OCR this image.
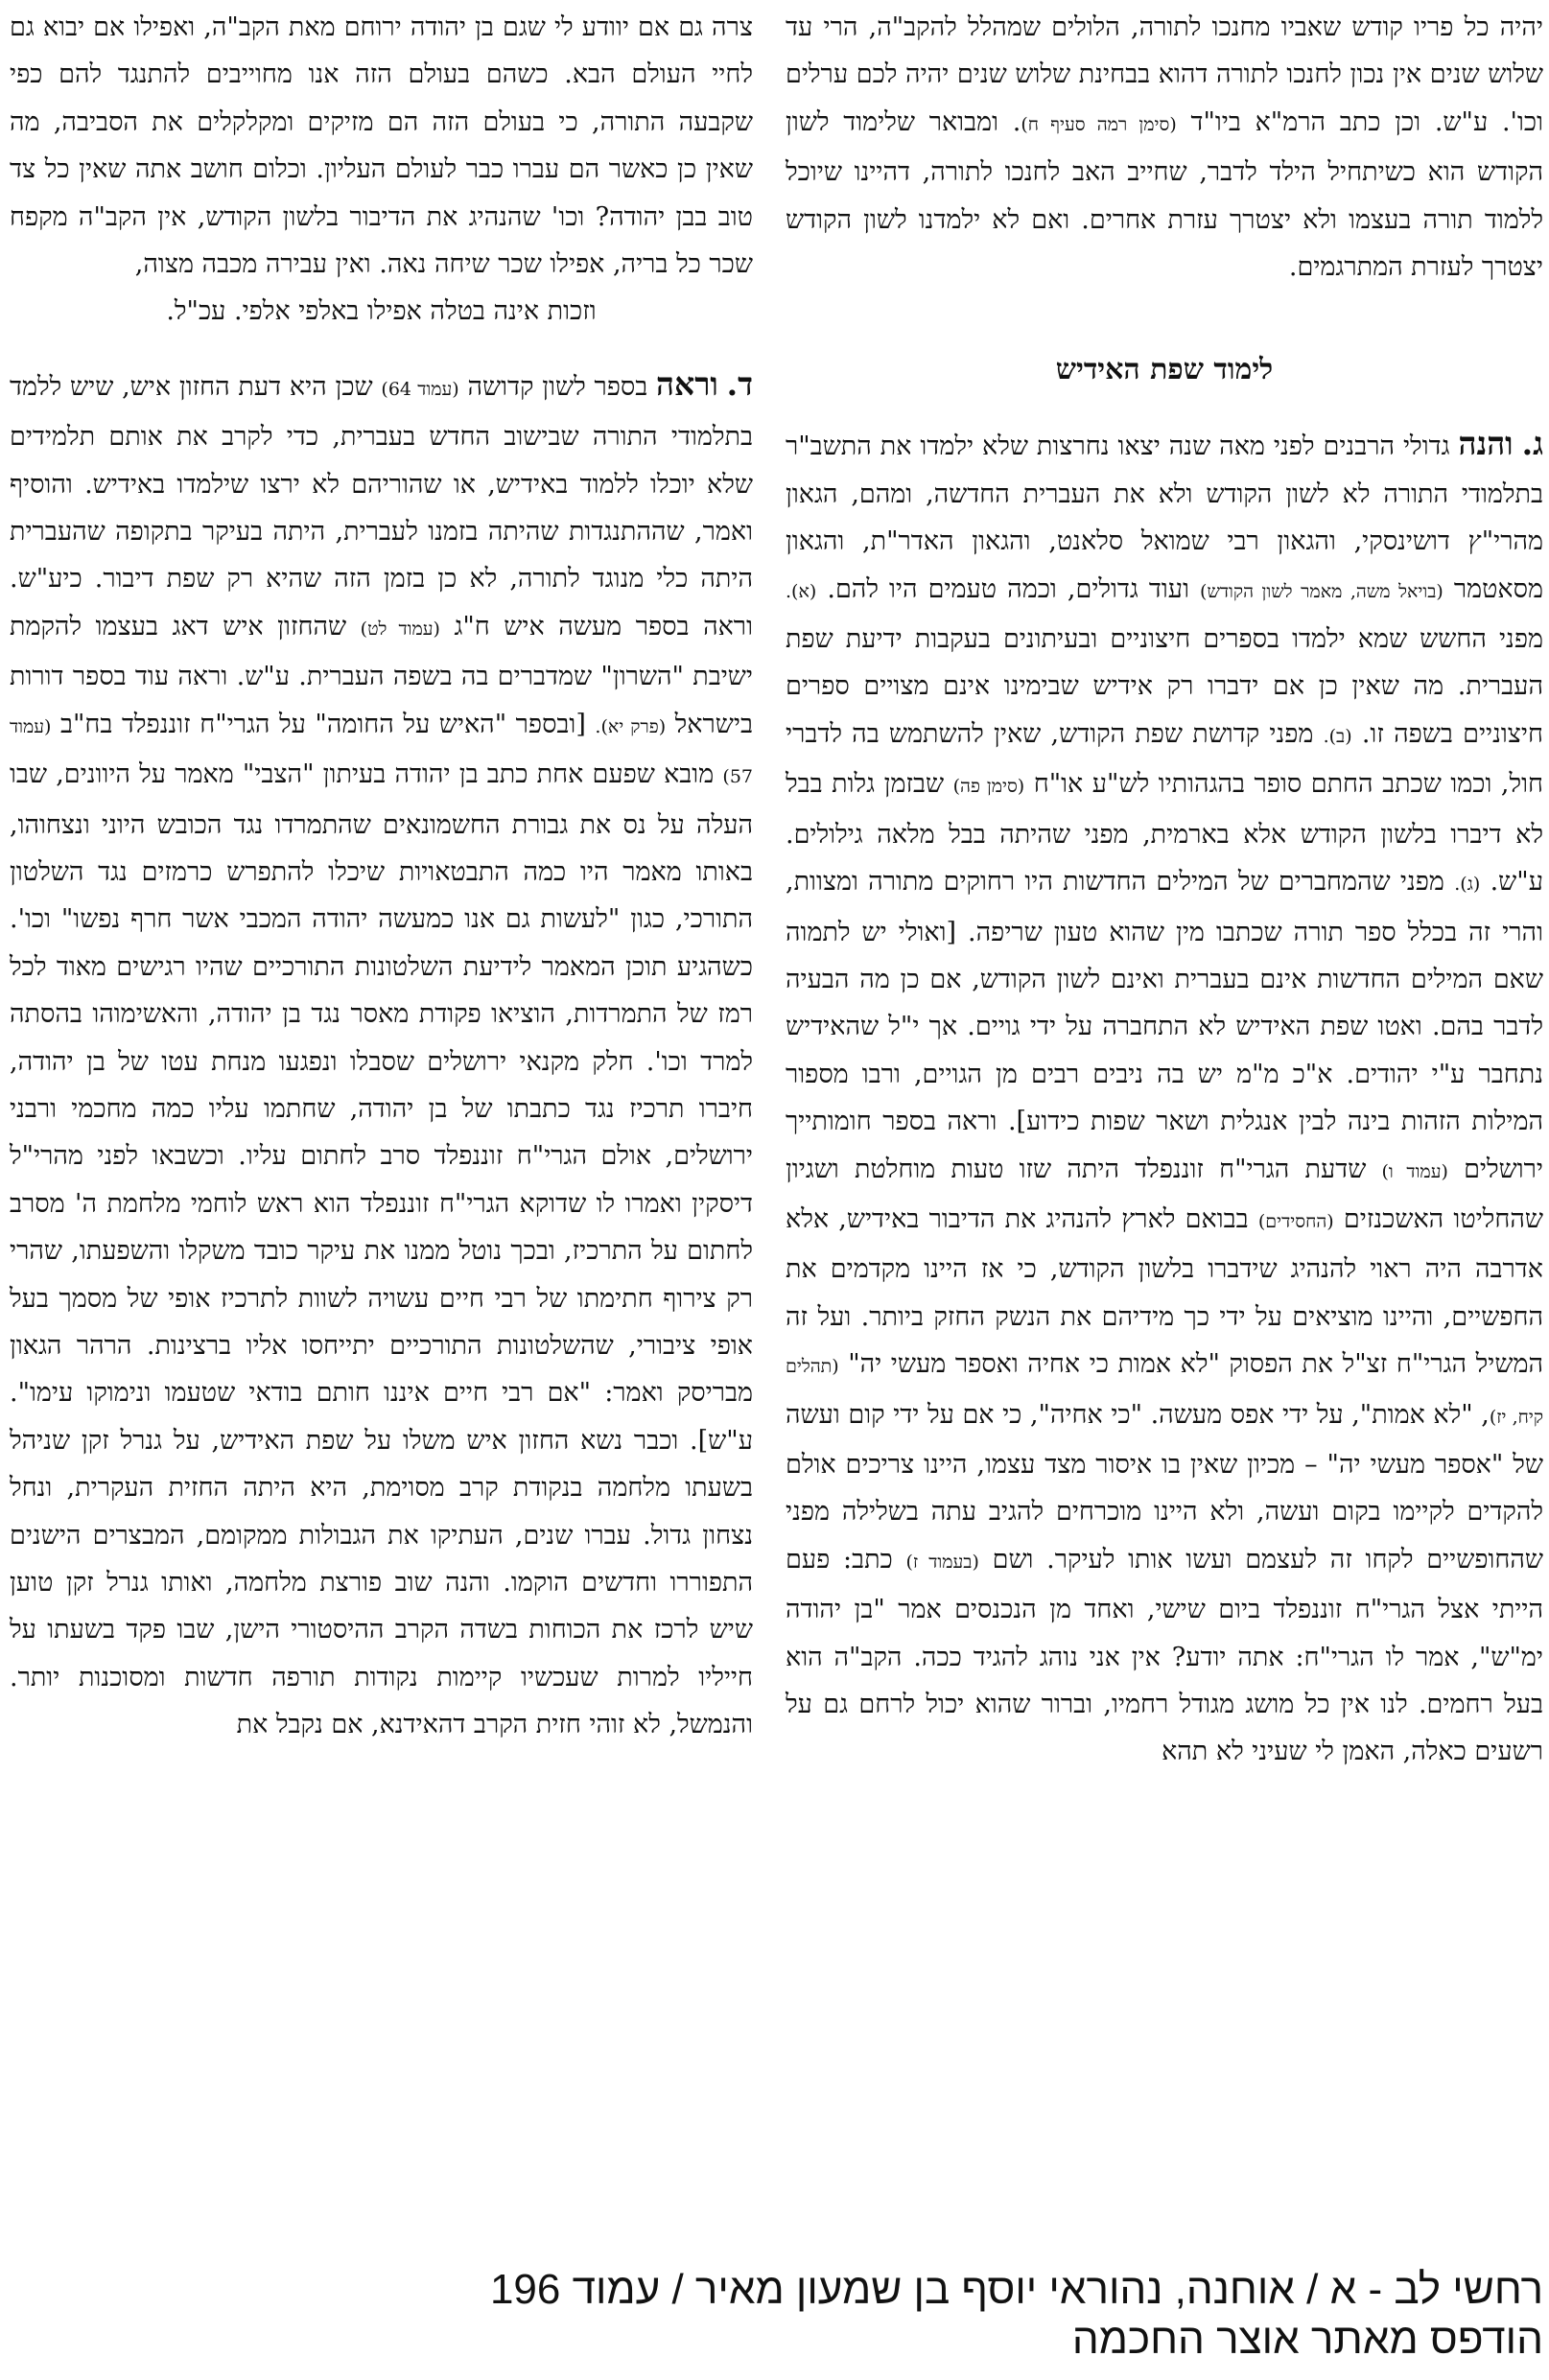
יהיה כל פריו קודש שאביו מחנכו לתורה, הלולים שמהלל להקב"ה, הרי עד שלוש שנים אין נכון לחנכו לתורה דהוא בבחינת שלוש שנים יהיה לכם ערלים וכו'. ע"ש. וכן כתב הרמ"א ביו"ד (סימן רמה סעיף ח). ומבואר שלימוד לשון הקודש הוא כשיתחיל הילד לדבר, שחייב האב לחנכו לתורה, דהיינו שיוכל ללמוד תורה בעצמו ולא יצטרך עזרת אחרים. ואם לא ילמדנו לשון הקודש יצטרך לעזרת המתרגמים.

לימוד שפת האידיש

ג. והנה גדולי הרבנים לפני מאה שנה יצאו נחרצות שלא ילמדו את התשב"ר בתלמודי התורה לא לשון הקודש ולא את העברית החדשה, ומהם, הגאון מהרי"ץ דושינסקי, והגאון רבי שמואל סלאנט, והגאון האדר"ת, והגאון מסאטמר (בויאל משה, מאמר לשון הקודש) ועוד גדולים, וכמה טעמים היו להם. (א). מפני החשש שמא ילמדו בספרים חיצוניים ובעיתונים בעקבות ידיעת שפת העברית. מה שאין כן אם ידברו רק אידיש שבימינו אינם מצויים ספרים חיצוניים בשפה זו. (ב). מפני קדושת שפת הקודש, שאין להשתמש בה לדברי חול, וכמו שכתב החתם סופר בהגהותיו לש"ע או"ח (סימן פה) שבזמן גלות בבל לא דיברו בלשון הקודש אלא בארמית, מפני שהיתה בבל מלאה גילולים. ע"ש. (ג). מפני שהמחברים של המילים החדשות היו רחוקים מתורה ומצוות, והרי זה בכלל ספר תורה שכתבו מין שהוא טעון שריפה. [ואולי יש לתמוה שאם המילים החדשות אינם בעברית ואינם לשון הקודש, אם כן מה הבעיה לדבר בהם. ואטו שפת האידיש לא התחברה על ידי גויים. אך י"ל שהאידיש נתחבר ע"י יהודים. א"כ מ"מ יש בה ניבים רבים מן הגויים, ורבו מספור המילות הזהות בינה לבין אנגלית ושאר שפות כידוע]. וראה בספר חומותייך ירושלים (עמוד ו) שדעת הגרי"ח זוננפלד היתה שזו טעות מוחלטת ושגיון שהחליטו האשכנזים (החסידים) בבואם לארץ להנהיג את הדיבור באידיש, אלא אדרבה היה ראוי להנהיג שידברו בלשון הקודש, כי אז היינו מקדמים את החפשיים, והיינו מוציאים על ידי כך מידיהם את הנשק החזק ביותר. ועל זה המשיל הגרי"ח זצ"ל את הפסוק "לא אמות כי אחיה ואספר מעשי יה" (תהלים קיח, יז), "לא אמות", על ידי אפס מעשה. "כי אחיה", כי אם על ידי קום ועשה של "אספר מעשי יה" – מכיון שאין בו איסור מצד עצמו, היינו צריכים אולם להקדים לקיימו בקום ועשה, ולא היינו מוכרחים להגיב עתה בשלילה מפני שהחופשיים לקחו זה לעצמם ועשו אותו לעיקר. ושם (בעמוד ז) כתב: פעם הייתי אצל הגרי"ח זוננפלד ביום שישי, ואחד מן הנכנסים אמר "בן יהודה ימ"ש", אמר לו הגרי"ח: אתה יודע? אין אני נוהג להגיד ככה. הקב"ה הוא בעל רחמים. לנו אין כל מושג מגודל רחמיו, וברור שהוא יכול לרחם גם על רשעים כאלה, האמן לי שעיני לא תהא

צרה גם אם יוודע לי שגם בן יהודה ירוחם מאת הקב"ה, ואפילו אם יבוא גם לחיי העולם הבא. כשהם בעולם הזה אנו מחוייבים להתנגד להם כפי שקבעה התורה, כי בעולם הזה הם מזיקים ומקלקלים את הסביבה, מה שאין כן כאשר הם עברו כבר לעולם העליון. וכלום חושב אתה שאין כל צד טוב בבן יהודה? וכו' שהנהיג את הדיבור בלשון הקודש, אין הקב"ה מקפח שכר כל בריה, אפילו שכר שיחה נאה. ואין עבירה מכבה מצוה,

וזכות אינה בטלה אפילו באלפי אלפי. עכ"ל.

ד. וראה בספר לשון קדושה (עמוד 64) שכן היא דעת החזון איש, שיש ללמד בתלמודי התורה שבישוב החדש בעברית, כדי לקרב את אותם תלמידים שלא יוכלו ללמוד באידיש, או שהוריהם לא ירצו שילמדו באידיש. והוסיף ואמר, שההתנגדות שהיתה בזמנו לעברית, היתה בעיקר בתקופה שהעברית היתה כלי מנוגד לתורה, לא כן בזמן הזה שהיא רק שפת דיבור. כיע"ש. וראה בספר מעשה איש ח"ג (עמוד לט) שהחזון איש דאג בעצמו להקמת ישיבת "השרון" שמדברים בה בשפה העברית. ע"ש. וראה עוד בספר דורות בישראל (פרק יא). [ובספר "האיש על החומה" על הגרי"ח זוננפלד בח"ב (עמוד 57) מובא שפעם אחת כתב בן יהודה בעיתון "הצבי" מאמר על היוונים, שבו העלה על נס את גבורת החשמונאים שהתמרדו נגד הכובש היוני ונצחוהו, באותו מאמר היו כמה התבטאויות שיכלו להתפרש כרמזים נגד השלטון התורכי, כגון "לעשות גם אנו כמעשה יהודה המכבי אשר חרף נפשו" וכו'. כשהגיע תוכן המאמר לידיעת השלטונות התורכיים שהיו רגישים מאוד לכל רמז של התמרדות, הוציאו פקודת מאסר נגד בן יהודה, והאשימוהו בהסתה למרד וכו'. חלק מקנאי ירושלים שסבלו ונפגעו מנחת עטו של בן יהודה, חיברו תרכיז נגד כתבתו של בן יהודה, שחתמו עליו כמה מחכמי ורבני ירושלים, אולם הגרי"ח זוננפלד סרב לחתום עליו. וכשבאו לפני מהרי"ל דיסקין ואמרו לו שדוקא הגרי"ח זוננפלד הוא ראש לוחמי מלחמת ה' מסרב לחתום על התרכיז, ובכך נוטל ממנו את עיקר כובד משקלו והשפעתו, שהרי רק צירוף חתימתו של רבי חיים עשויה לשוות לתרכיז אופי של מסמך בעל אופי ציבורי, שהשלטונות התורכיים יתייחסו אליו ברצינות. הרהר הגאון מבריסק ואמר: "אם רבי חיים איננו חותם בודאי שטעמו ונימוקו עימו". ע"ש]. וכבר נשא החזון איש משלו על שפת האידיש, על גנרל זקן שניהל בשעתו מלחמה בנקודת קרב מסוימת, היא היתה החזית העקרית, ונחל נצחון גדול. עברו שנים, העתיקו את הגבולות ממקומם, המבצרים הישנים התפוררו וחדשים הוקמו. והנה שוב פורצת מלחמה, ואותו גנרל זקן טוען שיש לרכז את הכוחות בשדה הקרב ההיסטורי הישן, שבו פקד בשעתו על חייליו למרות שעכשיו קיימות נקודות תורפה חדשות ומסוכנות יותר. והנמשל, לא זוהי חזית הקרב דהאידנא, אם נקבל את

רחשי לב - א / אוחנה, נהוראי יוסף בן שמעון מאיר / עמוד 196
הודפס מאתר אוצר החכמה
